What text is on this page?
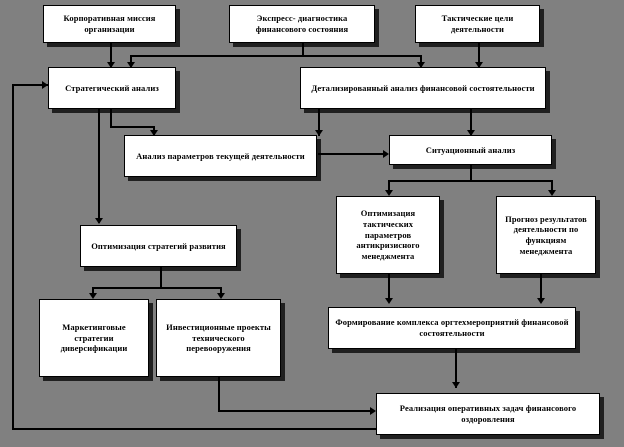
Корпоративная миссия организации
Экспресс- диагностика финансового состояния
Тактические цели деятельности
Стратегический анализ	Детализированный анализ финансовой состоятельности
Анализ параметров текущей деятельности
Ситуационный анализ
Оптимизация тактических параметров антикризисного менеджмента
Прогноз результатов деятельности по функциям менеджмента
Оптимизация стратегий развития
Маркетинговые стратегии диверсификации
Инвестиционные проекты технического перевооружения
Формирование комплекса оргтехмероприятий финансовой состоятельности
Реализация оперативных задач финансового оздоровления
